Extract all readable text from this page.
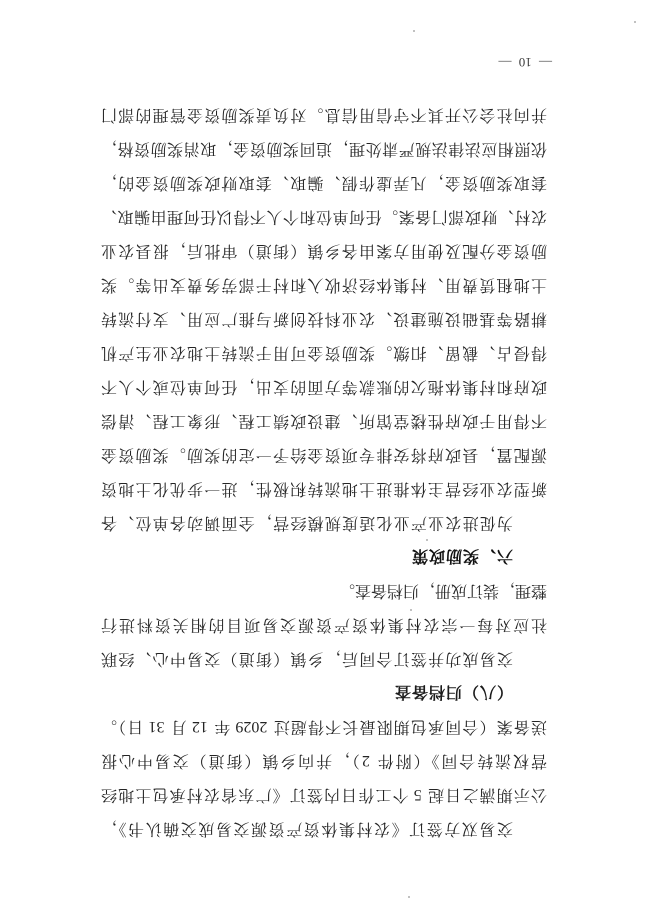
交易双方签订《农村集体资产资源交易成交确认书》，
公示期满之日起 5 个工作日内签订《广东省农村承包土地经
营权流转合同》（附件 2），并向乡镇（街道）交易中心报
送备案（合同承包期限最长不得超过 2029 年 12 月 31 日）。
（八）归档备查
交易成功并签订合同后，乡镇（街道）交易中心、经联
社应对每一宗农村集体资产资源交易项目的相关资料进行
整理，装订成册，归档备查。
六、奖励政策
为促进农业产业化适度规模经营，全面调动各单位、各
新型农业经营主体推进土地流转积极性，进一步优化土地资
源配置，县政府将安排专项资金给予一定的奖励。奖励资金
不得用于政府性楼堂馆所、建设政绩工程、形象工程、清偿
政府和村集体拖欠的账款等方面的支出，任何单位或个人不
得侵占、截留、扣缴。奖励资金可用于流转土地农业生产机
耕路等基础设施建设、农业科技创新与推广应用、支付流转
土地租赁费用、村集体经济收入和村干部劳务费支出等。奖
励资金分配及使用方案由各乡镇（街道）审批后，报县农业
农村、财政部门备案。任何单位和个人不得以任何理由骗取、
套取奖励资金，凡弄虚作假、骗取、套取财政奖励资金的，
依照相应法律法规严肃处理，追回奖励资金，取消奖励资格，
并向社会公开其不守信用信息。对负责奖励资金管理的部门
— 10 —
